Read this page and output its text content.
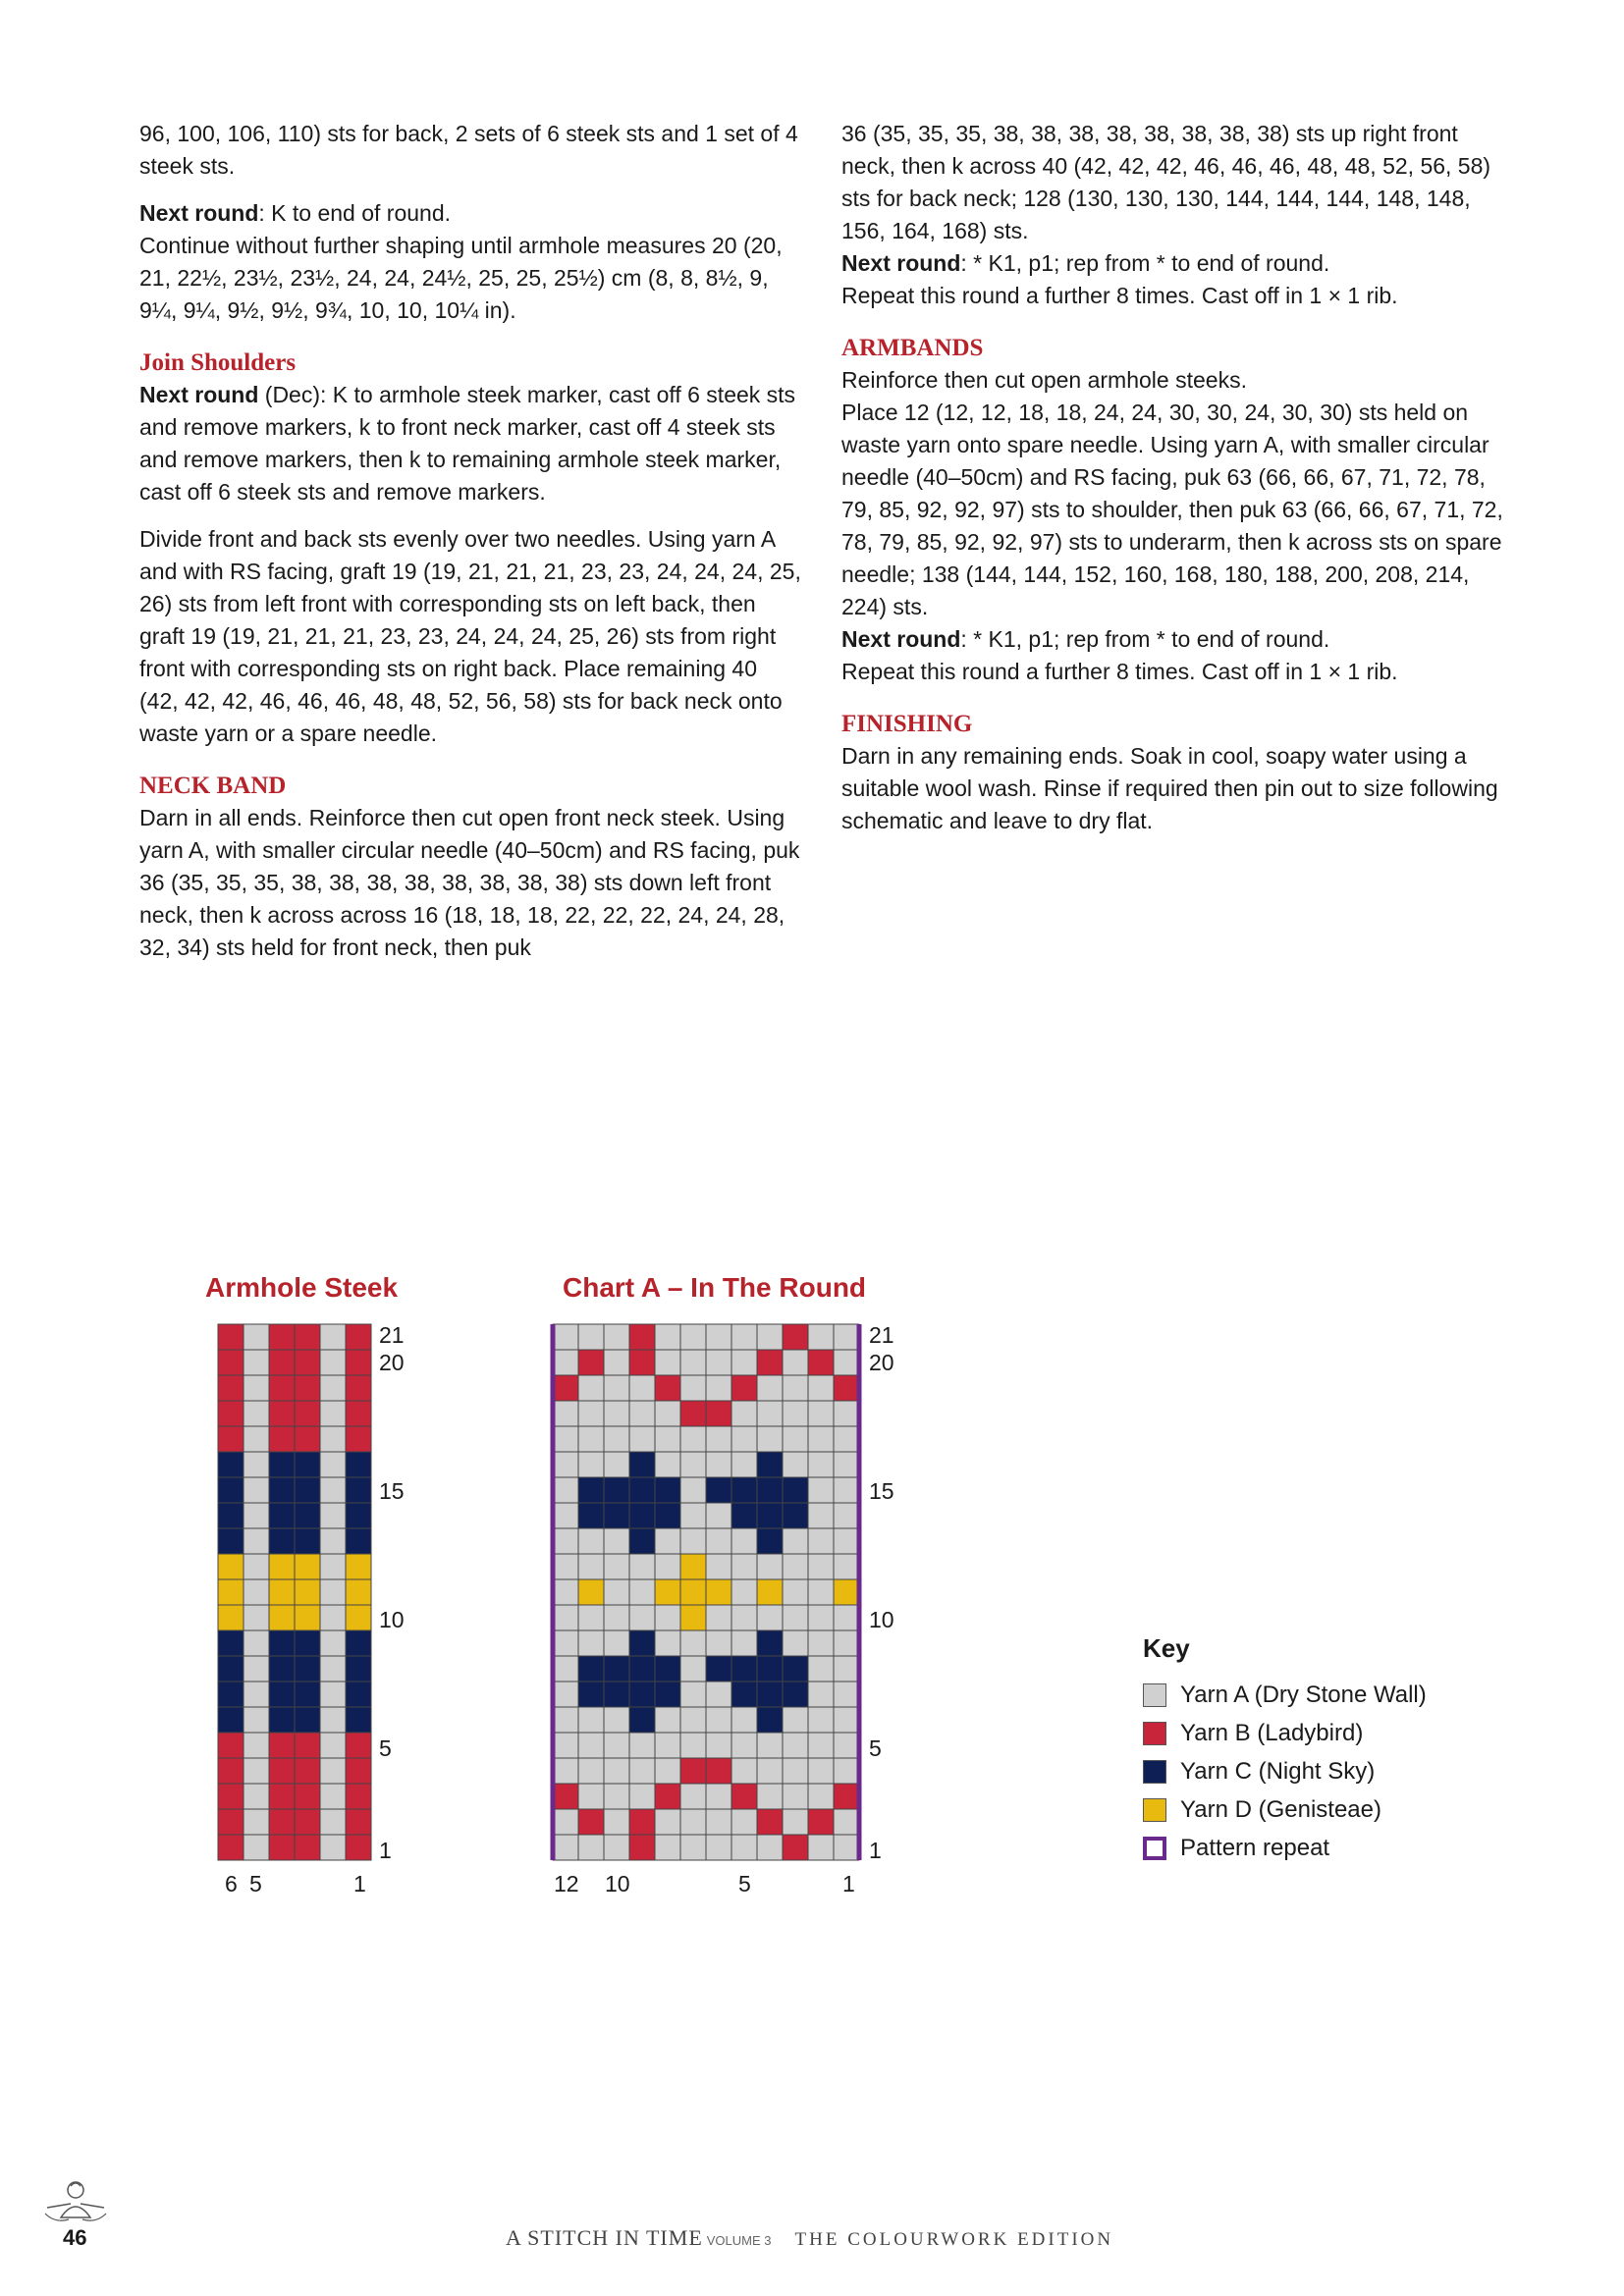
96, 100, 106, 110) sts for back, 2 sets of 6 steek sts and 1 set of 4 steek sts.

Next round: K to end of round.

Continue without further shaping until armhole measures 20 (20, 21, 22½, 23½, 23½, 24, 24, 24½, 25, 25, 25½) cm (8, 8, 8½, 9, 9¼, 9¼, 9½, 9½, 9¾, 10, 10, 10¼ in).

Join Shoulders

Next round (Dec): K to armhole steek marker, cast off 6 steek sts and remove markers, k to front neck marker, cast off 4 steek sts and remove markers, then k to remaining armhole steek marker, cast off 6 steek sts and remove markers.

Divide front and back sts evenly over two needles. Using yarn A and with RS facing, graft 19 (19, 21, 21, 21, 23, 23, 24, 24, 24, 25, 26) sts from left front with corresponding sts on left back, then graft 19 (19, 21, 21, 21, 23, 23, 24, 24, 24, 25, 26) sts from right front with corresponding sts on right back. Place remaining 40 (42, 42, 42, 46, 46, 46, 48, 48, 52, 56, 58) sts for back neck onto waste yarn or a spare needle.

NECK BAND

Darn in all ends. Reinforce then cut open front neck steek. Using yarn A, with smaller circular needle (40–50cm) and RS facing, puk 36 (35, 35, 35, 38, 38, 38, 38, 38, 38, 38, 38) sts down left front neck, then k across across 16 (18, 18, 18, 22, 22, 22, 24, 24, 28, 32, 34) sts held for front neck, then puk

36 (35, 35, 35, 38, 38, 38, 38, 38, 38, 38, 38) sts up right front neck, then k across 40 (42, 42, 42, 46, 46, 46, 48, 48, 52, 56, 58) sts for back neck; 128 (130, 130, 130, 144, 144, 144, 148, 148, 156, 164, 168) sts.

Next round: * K1, p1; rep from * to end of round.

Repeat this round a further 8 times. Cast off in 1 × 1 rib.

ARMBANDS

Reinforce then cut open armhole steeks.

Place 12 (12, 12, 18, 18, 24, 24, 30, 30, 24, 30, 30) sts held on waste yarn onto spare needle. Using yarn A, with smaller circular needle (40–50cm) and RS facing, puk 63 (66, 66, 67, 71, 72, 78, 79, 85, 92, 92, 97) sts to shoulder, then puk 63 (66, 66, 67, 71, 72, 78, 79, 85, 92, 92, 97) sts to underarm, then k across sts on spare needle; 138 (144, 144, 152, 160, 168, 180, 188, 200, 208, 214, 224) sts.

Next round: * K1, p1; rep from * to end of round.

Repeat this round a further 8 times. Cast off in 1 × 1 rib.

FINISHING

Darn in any remaining ends. Soak in cool, soapy water using a suitable wool wash. Rinse if required then pin out to size following schematic and leave to dry flat.

Armhole Steek
21
20
15
10
5
1
6 5	1
Chart A – In The Round
21
20
15
10
5
1
12 10	5	1
Key
Yarn A (Dry Stone Wall)
Yarn B (Ladybird)
Yarn C (Night Sky)
Yarn D (Genisteae)
Pattern repeat
46	A STITCH IN TIME VOLUME 3 THE COLOURWORK EDITION
